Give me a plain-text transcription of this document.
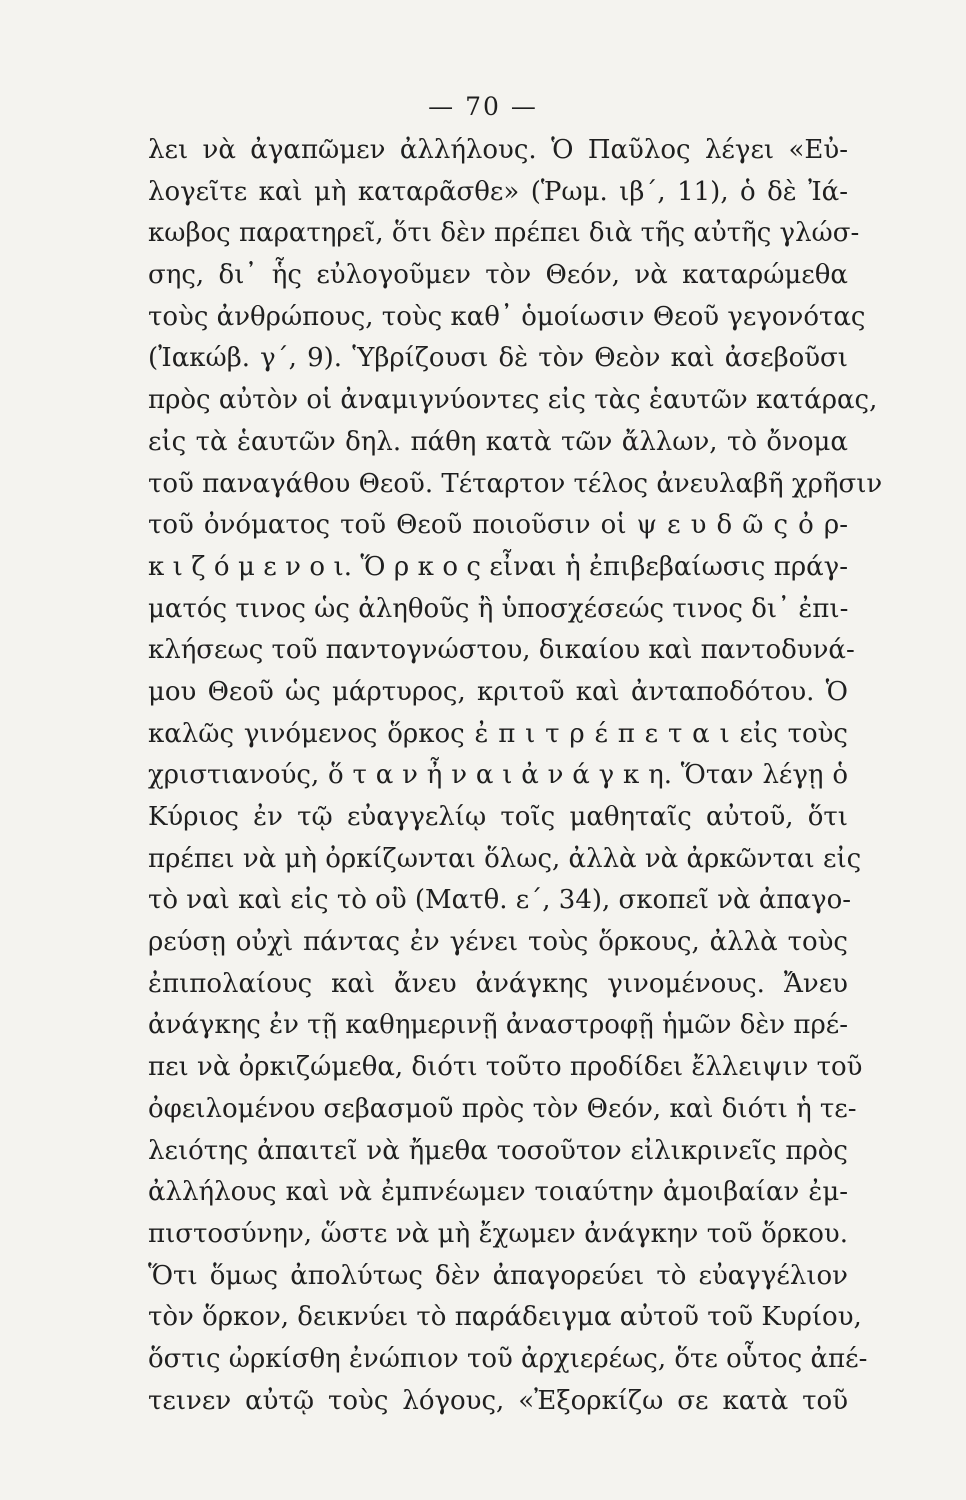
— 70 —
λει νὰ ἀγαπῶμεν ἀλλήλους. Ὁ Παῦλος λέγει «Εὐ-
λογεῖτε καὶ μὴ καταρᾶσθε» (Ῥωμ. ιβ΄, 11), ὁ δὲ Ἰά-
κωβος παρατηρεῖ, ὅτι δὲν πρέπει διὰ τῆς αὐτῆς γλώσ-
σης, δι᾽ ἧς εὐλογοῦμεν τὸν Θεόν, νὰ καταρώμεθα
τοὺς ἀνθρώπους, τοὺς καθ᾽ ὁμοίωσιν Θεοῦ γεγονότας
(Ἰακώβ. γ΄, 9). Ὑβρίζουσι δὲ τὸν Θεὸν καὶ ἀσεβοῦσι
πρὸς αὐτὸν οἱ ἀναμιγνύοντες εἰς τὰς ἑαυτῶν κατάρας,
εἰς τὰ ἑαυτῶν δηλ. πάθη κατὰ τῶν ἄλλων, τὸ ὄνομα
τοῦ παναγάθου Θεοῦ. Τέταρτον τέλος ἀνευλαβῆ χρῆσιν
τοῦ ὀνόματος τοῦ Θεοῦ ποιοῦσιν οἱ ψ ε υ δ ῶ ς ὀ ρ-
κ ι ζ ό μ ε ν ο ι. Ὅ ρ κ ο ς εἶναι ἡ ἐπιβεβαίωσις πράγ-
ματός τινος ὡς ἀληθοῦς ἢ ὑποσχέσεώς τινος δι᾽ ἐπι-
κλήσεως τοῦ παντογνώστου, δικαίου καὶ παντοδυνά-
μου Θεοῦ ὡς μάρτυρος, κριτοῦ καὶ ἀνταποδότου. Ὁ
καλῶς γινόμενος ὅρκος ἐ π ι τ ρ έ π ε τ α ι εἰς τοὺς
χριστιανούς, ὅ τ α ν ἦ ν α ι ἀ ν ά γ κ η. Ὅταν λέγῃ ὁ
Κύριος ἐν τῷ εὐαγγελίῳ τοῖς μαθηταῖς αὐτοῦ, ὅτι
πρέπει νὰ μὴ ὀρκίζωνται ὅλως, ἀλλὰ νὰ ἀρκῶνται εἰς
τὸ ναὶ καὶ εἰς τὸ οὒ (Ματθ. ε΄, 34), σκοπεῖ νὰ ἀπαγο-
ρεύσῃ οὐχὶ πάντας ἐν γένει τοὺς ὅρκους, ἀλλὰ τοὺς
ἐπιπολαίους καὶ ἄνευ ἀνάγκης γινομένους. Ἄνευ
ἀνάγκης ἐν τῇ καθημερινῇ ἀναστροφῇ ἡμῶν δὲν πρέ-
πει νὰ ὀρκιζώμεθα, διότι τοῦτο προδίδει ἔλλειψιν τοῦ
ὀφειλομένου σεβασμοῦ πρὸς τὸν Θεόν, καὶ διότι ἡ τε-
λειότης ἀπαιτεῖ νὰ ἤμεθα τοσοῦτον εἰλικρινεῖς πρὸς
ἀλλήλους καὶ νὰ ἐμπνέωμεν τοιαύτην ἀμοιβαίαν ἐμ-
πιστοσύνην, ὥστε νὰ μὴ ἔχωμεν ἀνάγκην τοῦ ὅρκου.
Ὅτι ὅμως ἀπολύτως δὲν ἀπαγορεύει τὸ εὐαγγέλιον
τὸν ὅρκον, δεικνύει τὸ παράδειγμα αὐτοῦ τοῦ Κυρίου,
ὅστις ὠρκίσθη ἐνώπιον τοῦ ἀρχιερέως, ὅτε οὗτος ἀπέ-
τεινεν αὐτῷ τοὺς λόγους, «Ἐξορκίζω σε κατὰ τοῦ
